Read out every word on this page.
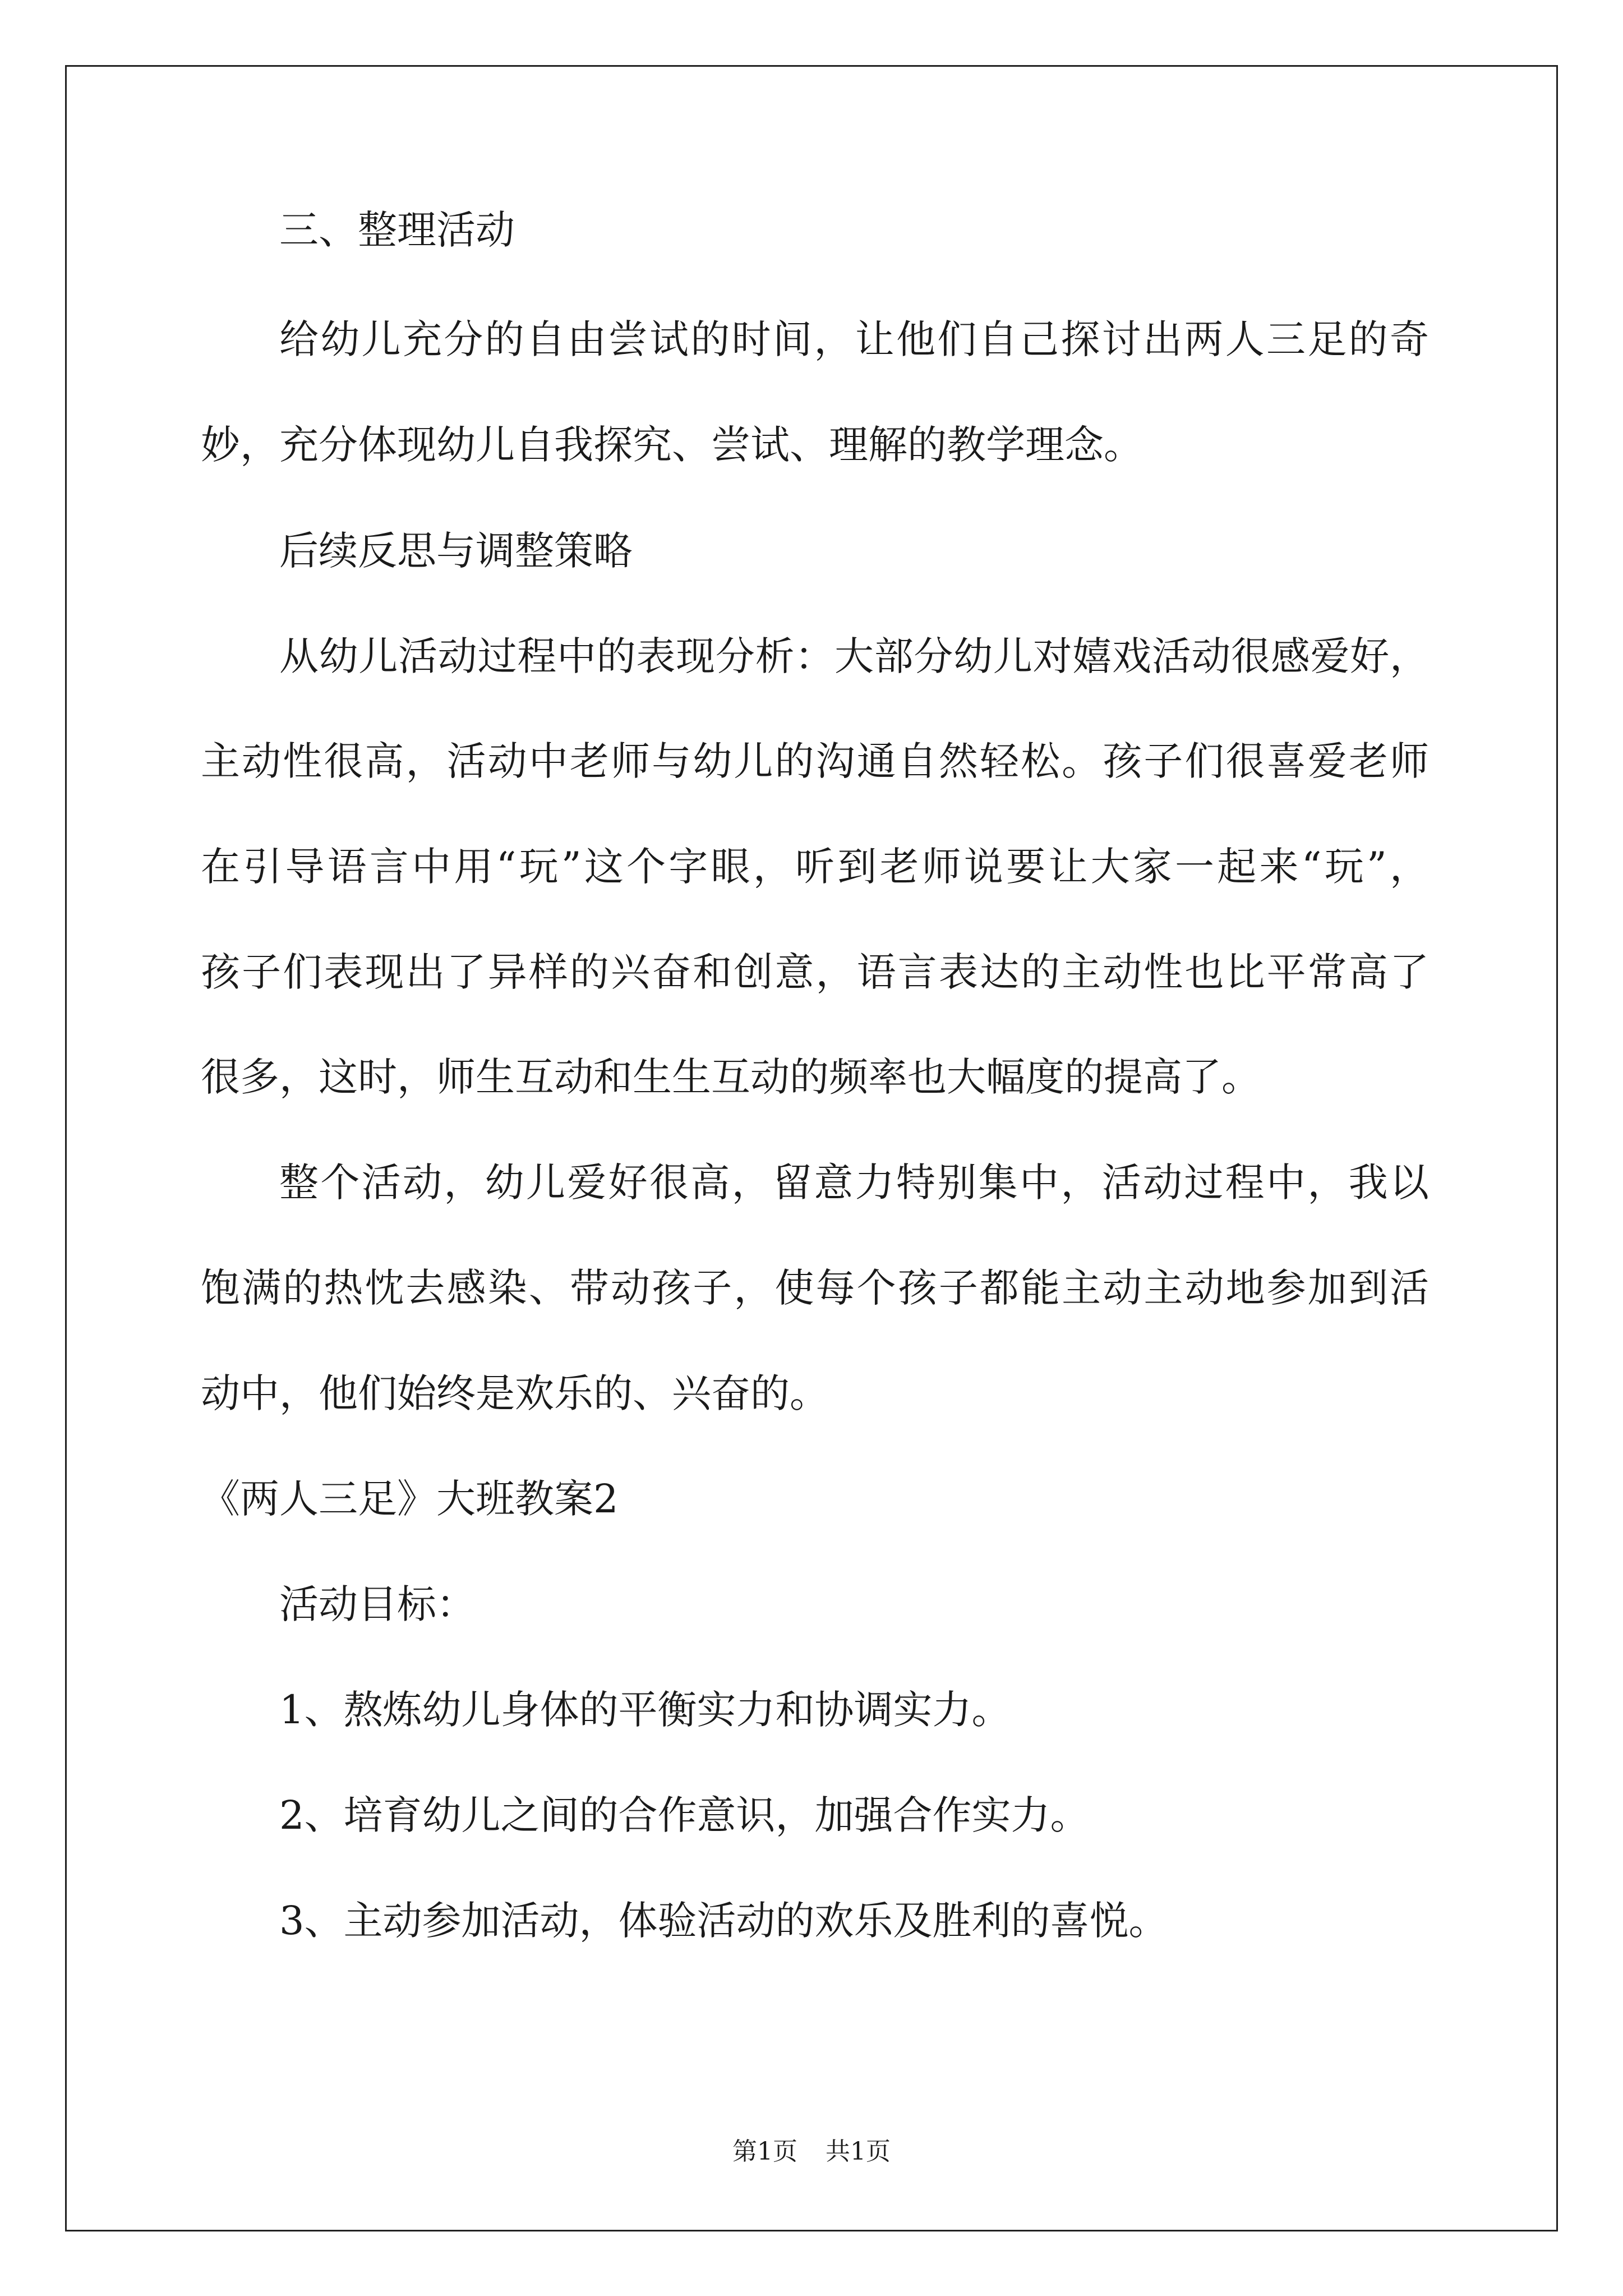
三、整理活动
给幼儿充分的自由尝试的时间，让他们自己探讨出两人三足的奇
妙，充分体现幼儿自我探究、尝试、理解的教学理念。
后续反思与调整策略
从幼儿活动过程中的表现分析：大部分幼儿对嬉戏活动很感爱好，
主动性很高，活动中老师与幼儿的沟通自然轻松。孩子们很喜爱老师
在引导语言中用“玩”这个字眼，听到老师说要让大家一起来“玩”，
孩子们表现出了异样的兴奋和创意，语言表达的主动性也比平常高了
很多，这时，师生互动和生生互动的频率也大幅度的提高了。
整个活动，幼儿爱好很高，留意力特别集中，活动过程中，我以
饱满的热忱去感染、带动孩子，使每个孩子都能主动主动地参加到活
动中，他们始终是欢乐的、兴奋的。
《两人三足》大班教案2
活动目标：
1、熬炼幼儿身体的平衡实力和协调实力。
2、培育幼儿之间的合作意识，加强合作实力。
3、主动参加活动，体验活动的欢乐及胜利的喜悦。
第1页 共1页
